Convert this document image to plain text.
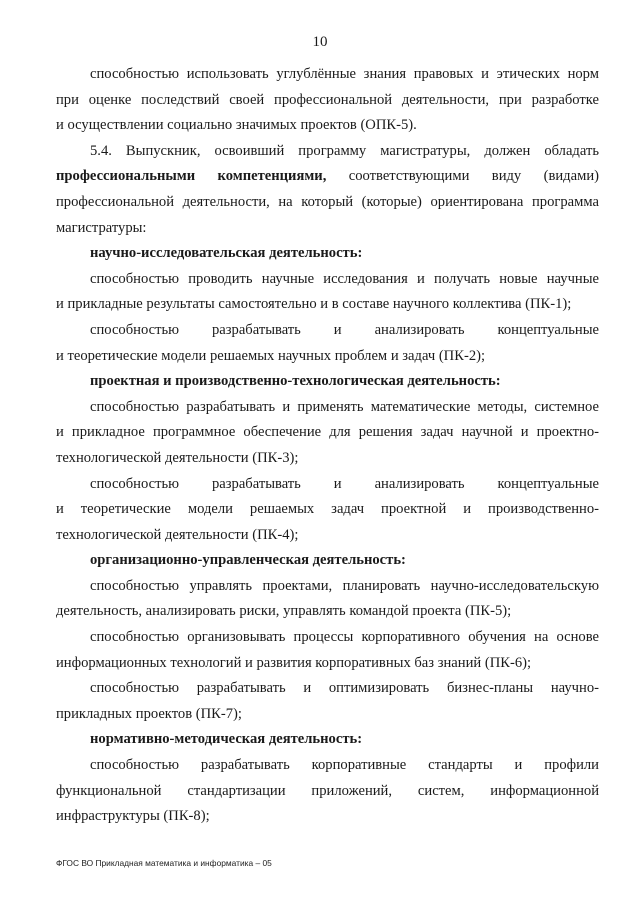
10
способностью использовать углублённые знания правовых и этических норм
при оценке последствий своей профессиональной деятельности, при разработке
и осуществлении социально значимых проектов (ОПК-5).
5.4. Выпускник, освоивший программу магистратуры, должен обладать
профессиональными компетенциями, соответствующими виду (видами)
профессиональной деятельности, на который (которые) ориентирована программа
магистратуры:
научно-исследовательская деятельность:
способностью проводить научные исследования и получать новые научные
и прикладные результаты самостоятельно и в составе научного коллектива (ПК-1);
способностью разрабатывать и анализировать концептуальные
и теоретические модели решаемых научных проблем и задач (ПК-2);
проектная и производственно-технологическая деятельность:
способностью разрабатывать и применять математические методы, системное
и прикладное программное обеспечение для решения задач научной и проектно-
технологической деятельности (ПК-3);
способностью разрабатывать и анализировать концептуальные
и теоретические модели решаемых задач проектной и производственно-
технологической деятельности (ПК-4);
организационно-управленческая деятельность:
способностью управлять проектами, планировать научно-исследовательскую
деятельность, анализировать риски, управлять командой проекта (ПК-5);
способностью организовывать процессы корпоративного обучения на основе
информационных технологий и развития корпоративных баз знаний (ПК-6);
способностью разрабатывать и оптимизировать бизнес-планы научно-
прикладных проектов (ПК-7);
нормативно-методическая деятельность:
способностью разрабатывать корпоративные стандарты и профили
функциональной стандартизации приложений, систем, информационной
инфраструктуры (ПК-8);
ФГОС ВО Прикладная математика и информатика – 05
